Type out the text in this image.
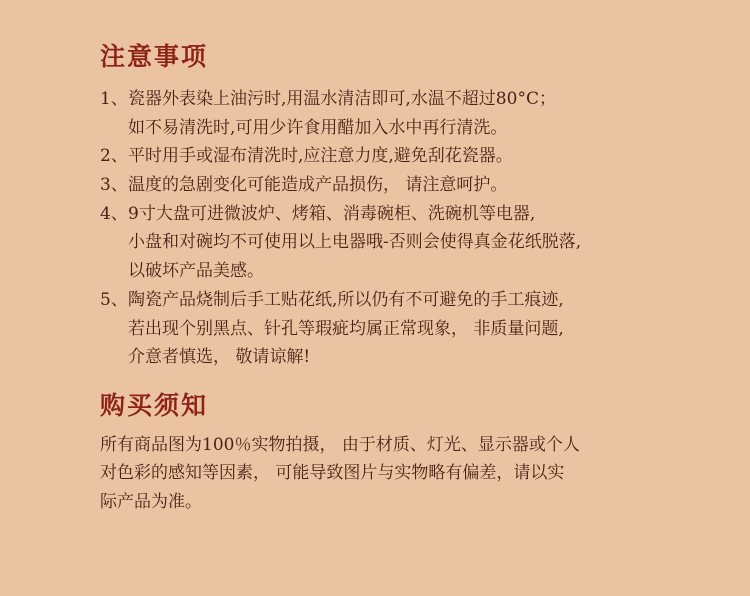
注意事项
1、瓷器外表染上油污时,用温水清洁即可,水温不超过80°C；
如不易清洗时,可用少许食用醋加入水中再行清洗。
2、平时用手或湿布清洗时,应注意力度,避免刮花瓷器。
3、温度的急剧变化可能造成产品损伤， 请注意呵护。
4、9寸大盘可进微波炉、烤箱、消毒碗柜、洗碗机等电器,
小盘和对碗均不可使用以上电器哦-否则会使得真金花纸脱落,
以破坏产品美感。
5、陶瓷产品烧制后手工贴花纸,所以仍有不可避免的手工痕迹,
若出现个别黑点、针孔等瑕疵均属正常现象， 非质量问题,
介意者慎选， 敬请谅解!
购买须知
所有商品图为100％实物拍摄， 由于材质、灯光、显示器或个人
对色彩的感知等因素， 可能导致图片与实物略有偏差，请以实
际产品为准。
